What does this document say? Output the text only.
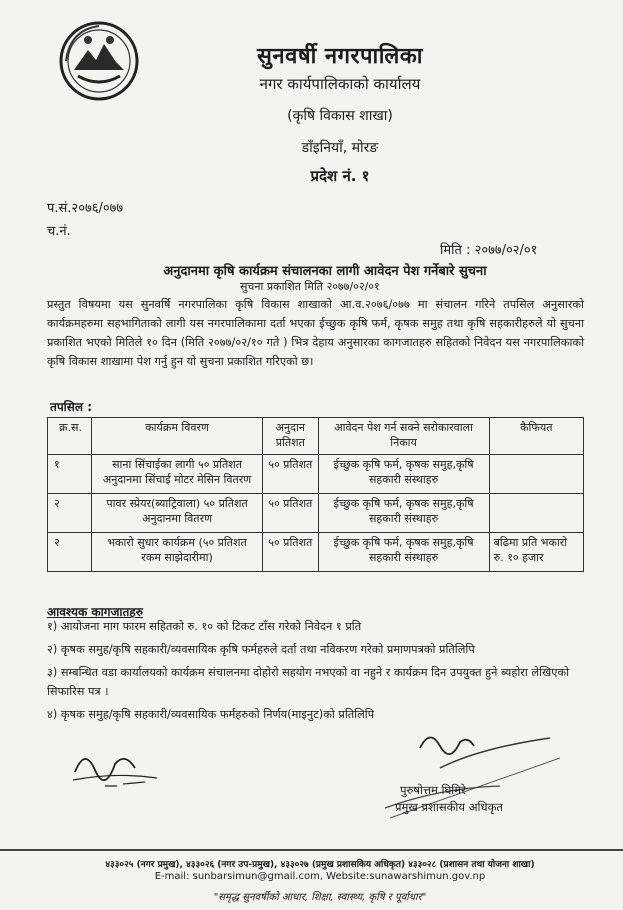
सुनवर्षी नगरपालिका
नगर कार्यपालिकाको कार्यालय
(कृषि विकास शाखा)
डाँइनियाँ, मोरङ
प्रदेश नं. १
प.सं.२०७६/०७७
च.नं.
मिति : २०७७/०२/०१
अनुदानमा कृषि कार्यक्रम संचालनका लागी आवेदन पेश गर्नेबारे सुचना
सुचना प्रकाशित मिति २०७७/०२/०१
प्रस्तुत विषयमा यस सुनवर्षि नगरपालिका कृषि विकास शाखाको आ.व.२०७६/०७७ मा संचालन गरिने तपसिल अनुसारको कार्यक्रमहरुमा सहभागिताको लागी यस नगरपालिकामा दर्ता भएका ईच्छुक कृषि फर्म, कृषक समुह तथा कृषि सहकारीहरुले यो सुचना प्रकाशित भएको मितिले १० दिन (मिति २०७७/०२/१० गते ) भित्र देहाय अनुसारका कागजातहरु सहितको निवेदन यस नगरपालिकाको कृषि विकास शाखामा पेश गर्नु हुन यो सुचना प्रकाशित गरिएको छ।
तपसिल :
क्र.स.	कार्यक्रम विवरण	अनुदान प्रतिशत	आवेदन पेश गर्न सक्ने सरोकारवाला निकाय	कैफियत
१	साना सिंचाईका लागी ५० प्रतिशत अनुदानमा सिंचाई मोटर मेसिन वितरण	५० प्रतिशत	ईच्छुक कृषि फर्म, कृषक समुह,कृषि सहकारी संस्थाहरु	
२	पावर स्प्रेयर(ब्याट्रिवाला) ५० प्रतिशत अनुदानमा वितरण	५० प्रतिशत	ईच्छुक कृषि फर्म, कृषक समुह,कृषि सहकारी संस्थाहरु	
२	भकारो सुधार कार्यक्रम (५० प्रतिशत रकम साझेदारीमा)	५० प्रतिशत	ईच्छुक कृषि फर्म, कृषक समुह,कृषि सहकारी संस्थाहरु	बढिमा प्रति भकारो रु. १० हजार
आवश्यक कागजातहरु
१) आयोजना माग फारम सहितको रु. १० को टिकट टाँस गरेको निवेदन १ प्रति
२) कृषक समुह/कृषि सहकारी/व्यवसायिक कृषि फर्महरुले दर्ता तथा नविकरण गरेको प्रमाणपत्रको प्रतिलिपि
३) सम्बन्धित वडा कार्यालयको कार्यक्रम संचालनमा दोहोरो सहयोग नभएको वा नहुने र कार्यक्रम दिन उपयुक्त हुने ब्यहोरा लेखिएको सिफारिस पत्र ।
४) कृषक समुह/कृषि सहकारी/व्यवसायिक फर्महरुको निर्णय(माइनुट)को प्रतिलिपि
पुरुषोत्तम घिमिरे
प्रमुख प्रशासकीय अधिकृत
४३३०२५ (नगर प्रमुख), ४३३०२६ (नगर उप-प्रमुख), ४३३०२७ (प्रमुख प्रशासकिय अधिकृत) ४३३०२८ (प्रशासन तथा योजना शाखा)
E-mail: sunbarsimun@gmail.com, Website:sunawarshimun.gov.np
"समृद्ध सुनवर्षीको आधार, शिक्षा, स्वास्थ्य, कृषि र पूर्वाधार"
